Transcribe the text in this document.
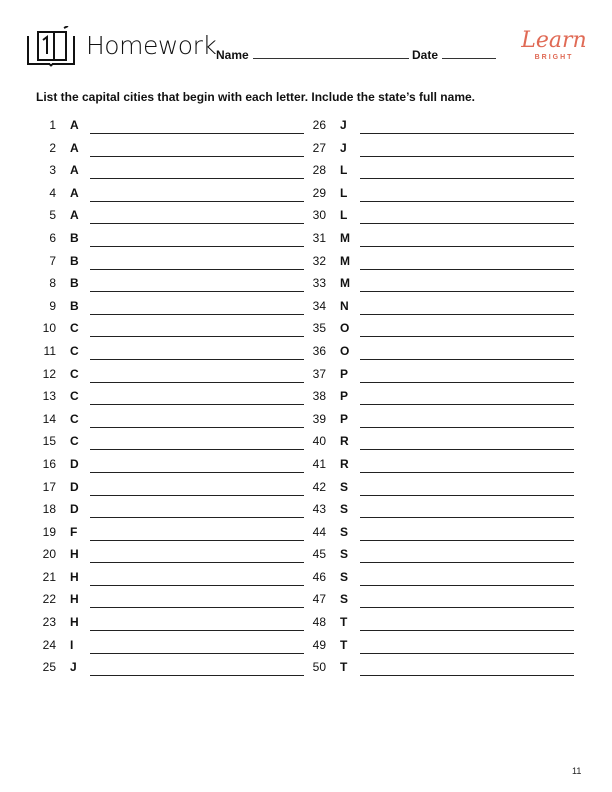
Homework Name	Date
Learn
BRIGHT
List the capital cities that begin with each letter. Include the state’s full name.
1 A
2 A
3 A
4 A
5 A
6 B
7 B
8 B
9 B
10 C
11 C
12 C
13 C
14 C
15 C
16 D
17 D
18 D
19 F
20 H
21 H
22 H
23 H
24 I
25 J
26 J
27 J
28 L
29 L
30 L
31 M
32 M
33 M
34 N
35 O
36 O
37 P
38 P
39 P
40 R
41 R
42 S
43 S
44 S
45 S
46 S
47 S
48 T
49 T
50 T
11
